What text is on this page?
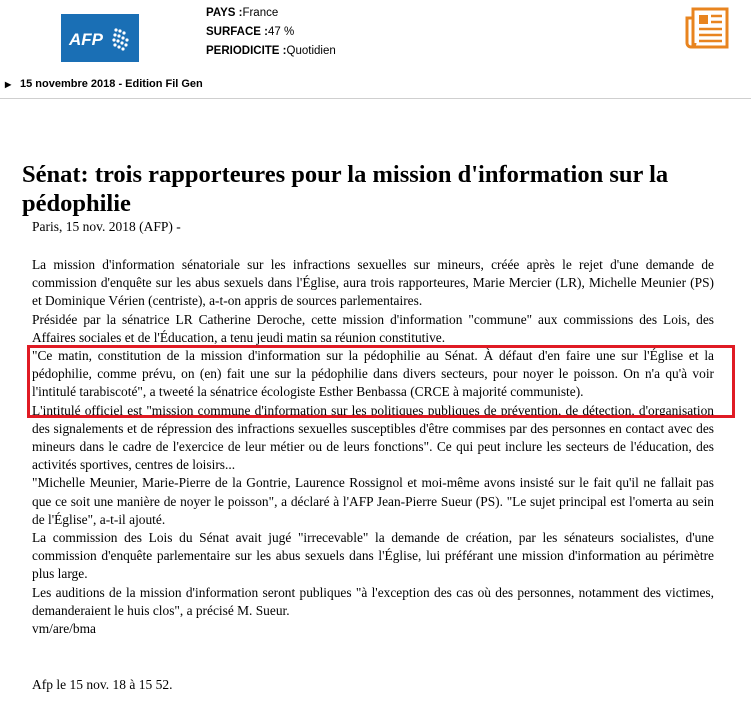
AFP
PAYS :France
SURFACE :47 %
PERIODICITE :Quotidien
▶ 15 novembre 2018 - Edition Fil Gen
Sénat: trois rapporteures pour la mission d'information sur la pédophilie
Paris, 15 nov. 2018 (AFP) -

La mission d'information sénatoriale sur les infractions sexuelles sur mineurs, créée après le rejet d'une demande de commission d'enquête sur les abus sexuels dans l'Église, aura trois rapporteures, Marie Mercier (LR), Michelle Meunier (PS) et Dominique Vérien (centriste), a-t-on appris de sources parlementaires.

Présidée par la sénatrice LR Catherine Deroche, cette mission d'information "commune" aux commissions des Lois, des Affaires sociales et de l'Éducation, a tenu jeudi matin sa réunion constitutive.

"Ce matin, constitution de la mission d'information sur la pédophilie au Sénat. À défaut d'en faire une sur l'Église et la pédophilie, comme prévu, on (en) fait une sur la pédophilie dans divers secteurs, pour noyer le poisson. On n'a qu'à voir l'intitulé tarabiscoté", a tweeté la sénatrice écologiste Esther Benbassa (CRCE à majorité communiste).

L'intitulé officiel est "mission commune d'information sur les politiques publiques de prévention, de détection, d'organisation des signalements et de répression des infractions sexuelles susceptibles d'être commises par des personnes en contact avec des mineurs dans le cadre de l'exercice de leur métier ou de leurs fonctions". Ce qui peut inclure les secteurs de l'éducation, des activités sportives, centres de loisirs...

"Michelle Meunier, Marie-Pierre de la Gontrie, Laurence Rossignol et moi-même avons insisté sur le fait qu'il ne fallait pas que ce soit une manière de noyer le poisson", a déclaré à l'AFP Jean-Pierre Sueur (PS). "Le sujet principal est l'omerta au sein de l'Église", a-t-il ajouté.

La commission des Lois du Sénat avait jugé "irrecevable" la demande de création, par les sénateurs socialistes, d'une commission d'enquête parlementaire sur les abus sexuels dans l'Église, lui préférant une mission d'information au périmètre plus large.

Les auditions de la mission d'information seront publiques "à l'exception des cas où des personnes, notamment des victimes, demanderaient le huis clos", a précisé M. Sueur.

vm/are/bma

Afp le 15 nov. 18 à 15 52.
